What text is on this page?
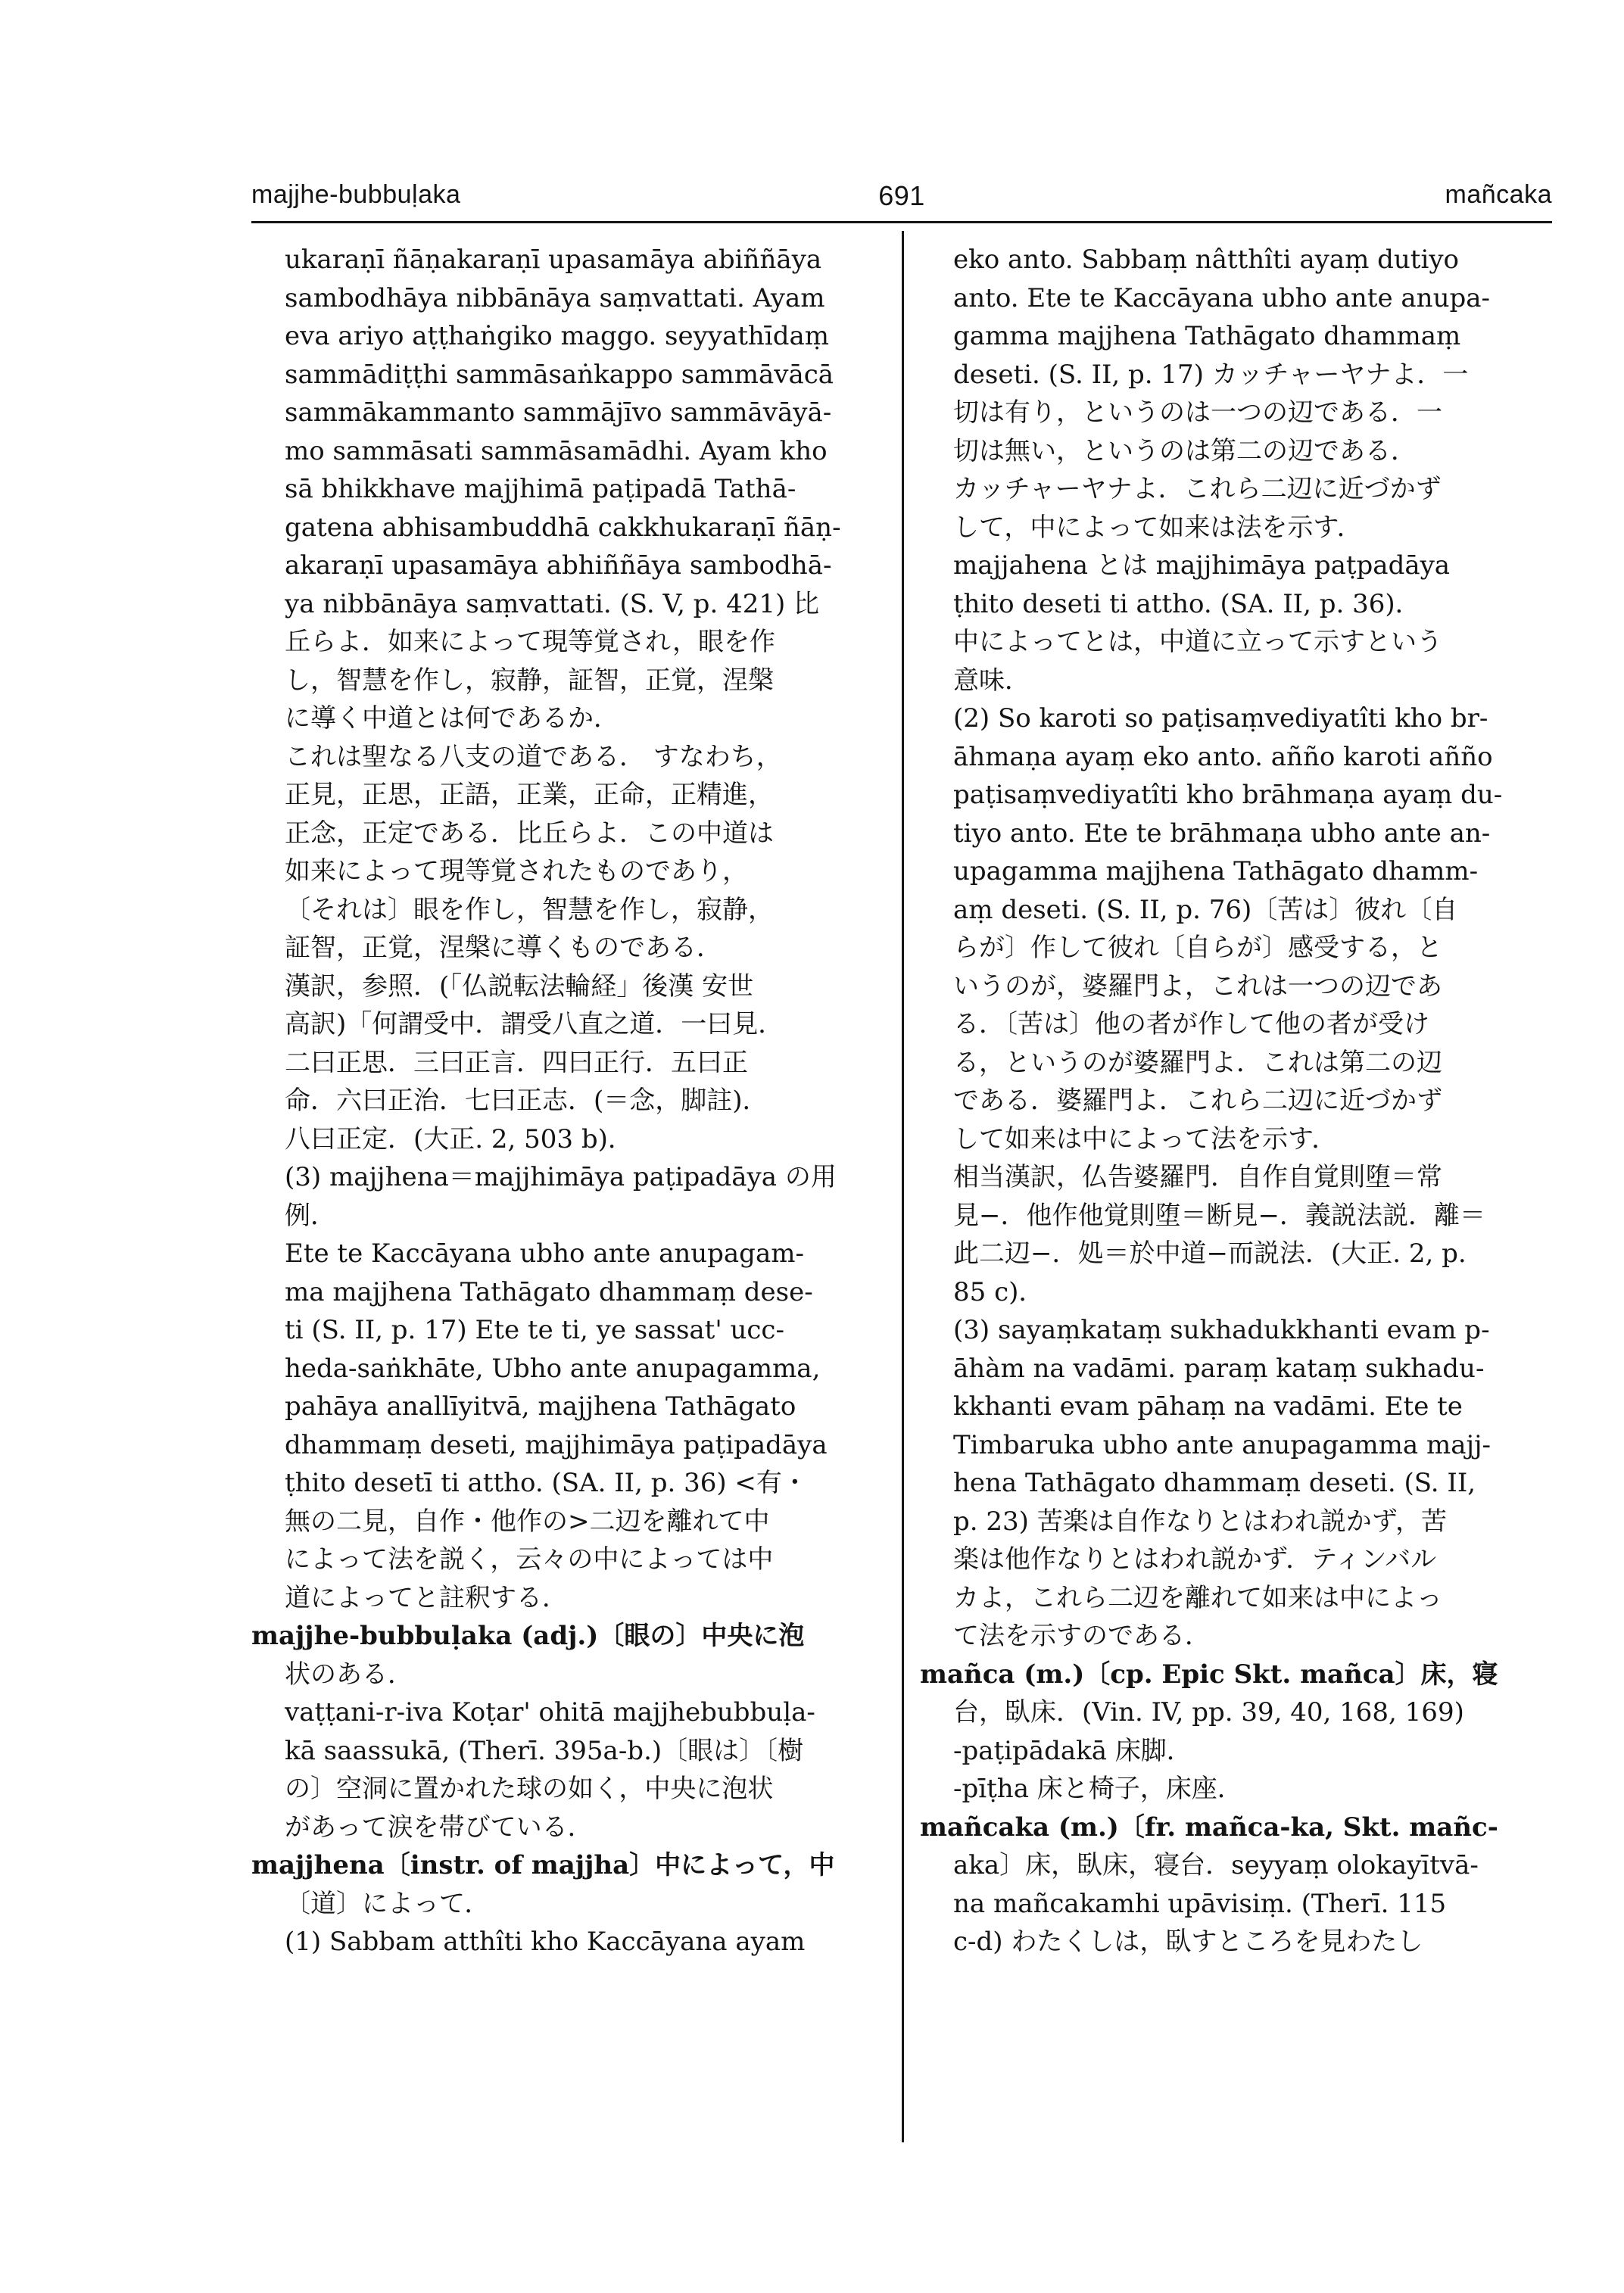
majjhe-bubbuḷaka	691	mañcaka
ukaraṇī ñāṇakaraṇī upasamāya abiññāya
sambodhāya nibbānāya saṃvattati. Ayam
eva ariyo aṭṭhaṅgiko maggo. seyyathīdaṃ
sammādiṭṭhi sammāsaṅkappo sammāvācā
sammākammanto sammājīvo sammāvāyā-
mo sammāsati sammāsamādhi. Ayam kho
sā bhikkhave majjhimā paṭipadā Tathā-
gatena abhisambuddhā cakkhukaraṇī ñāṇ-
akaraṇī upasamāya abhiññāya sambodhā-
ya nibbānāya saṃvattati. (S. V, p. 421) 比
丘らよ．如来によって現等覚され，眼を作
し，智慧を作し，寂静，証智，正覚，涅槃
に導く中道とは何であるか．
これは聖なる八支の道である． すなわち，
正見，正思，正語，正業，正命，正精進，
正念，正定である．比丘らよ．この中道は
如来によって現等覚されたものであり，
〔それは〕眼を作し，智慧を作し，寂静，
証智，正覚，涅槃に導くものである．
漢訳，参照．(「仏説転法輪経」後漢 安世
高訳)「何謂受中．謂受八直之道．一曰見．
二曰正思．三曰正言．四曰正行．五曰正
命．六曰正治．七曰正志．(＝念，脚註)．
八曰正定．(大正. 2, 503 b)．
(3) majjhena＝majjhimāya paṭipadāya の用
例．
Ete te Kaccāyana ubho ante anupagam-
ma majjhena Tathāgato dhammaṃ dese-
ti (S. II, p. 17) Ete te ti, ye sassat' ucc-
heda-saṅkhāte, Ubho ante anupagamma,
pahāya anallīyitvā, majjhena Tathāgato
dhammaṃ deseti, majjhimāya paṭipadāya
ṭhito desetī ti attho. (SA. II, p. 36) <有・
無の二見，自作・他作の>二辺を離れて中
によって法を説く，云々の中によっては中
道によってと註釈する．
majjhe-bubbuḷaka (adj.)〔眼の〕中央に泡
状のある．
vaṭṭani-r-iva Koṭar' ohitā majjhebubbuḷa-
kā saassukā, (Therī. 395a-b.)〔眼は〕〔樹
の〕空洞に置かれた球の如く，中央に泡状
があって涙を帯びている．
majjhena〔instr. of majjha〕中によって，中
〔道〕によって．
(1) Sabbam atthîti kho Kaccāyana ayam
eko anto. Sabbaṃ nâtthîti ayaṃ dutiyo
anto. Ete te Kaccāyana ubho ante anupa-
gamma majjhena Tathāgato dhammaṃ
deseti. (S. II, p. 17) カッチャーヤナよ．一
切は有り，というのは一つの辺である．一
切は無い，というのは第二の辺である．
カッチャーヤナよ．これら二辺に近づかず
して，中によって如来は法を示す．
majjahena とは majjhimāya paṭpadāya
ṭhito deseti ti attho. (SA. II, p. 36)．
中によってとは，中道に立って示すという
意味．
(2) So karoti so paṭisaṃvediyatîti kho br-
āhmaṇa ayaṃ eko anto. añño karoti añño
paṭisaṃvediyatîti kho brāhmaṇa ayaṃ du-
tiyo anto. Ete te brāhmaṇa ubho ante an-
upagamma majjhena Tathāgato dhamm-
aṃ deseti. (S. II, p. 76)〔苦は〕彼れ〔自
らが〕作して彼れ〔自らが〕感受する，と
いうのが，婆羅門よ，これは一つの辺であ
る．〔苦は〕他の者が作して他の者が受け
る，というのが婆羅門よ．これは第二の辺
である．婆羅門よ．これら二辺に近づかず
して如来は中によって法を示す．
相当漢訳，仏告婆羅門．自作自覚則堕＝常
見−．他作他覚則堕＝断見−．義説法説．離＝
此二辺−．処＝於中道−而説法．(大正. 2, p.
85 c)．
(3) sayaṃkataṃ sukhadukkhanti evam p-
āhàm na vadāmi. paraṃ kataṃ sukhadu-
kkhanti evam pāhaṃ na vadāmi. Ete te
Timbaruka ubho ante anupagamma majj-
hena Tathāgato dhammaṃ deseti. (S. II,
p. 23) 苦楽は自作なりとはわれ説かず，苦
楽は他作なりとはわれ説かず．ティンバル
カよ，これら二辺を離れて如来は中によっ
て法を示すのである．
mañca (m.)〔cp. Epic Skt. mañca〕床，寝
台，臥床．(Vin. IV, pp. 39, 40, 168, 169)
-paṭipādakā 床脚．
-pīṭha 床と椅子，床座．
mañcaka (m.)〔fr. mañca-ka, Skt. mañc-
aka〕床，臥床，寝台．seyyaṃ olokayītvā-
na mañcakamhi upāvisiṃ. (Therī. 115
c-d) わたくしは，臥すところを見わたし
